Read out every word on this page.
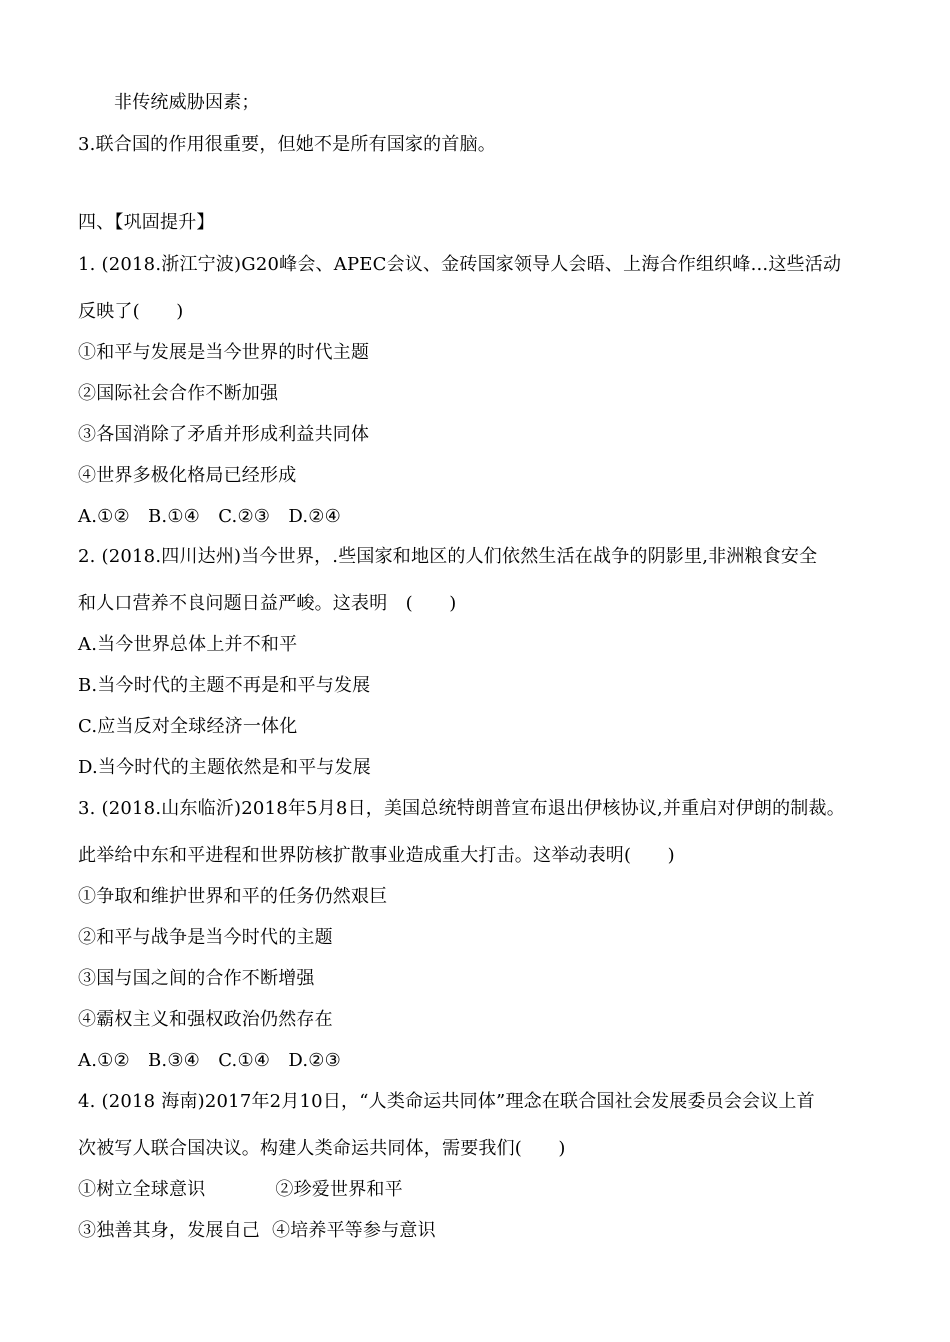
非传统威胁因素；
3.联合国的作用很重要，但她不是所有国家的首脑。
四、【巩固提升】
1. (2018.浙江宁波)G20峰会、APEC会议、金砖国家领导人会晤、上海合作组织峰...这些活动
反映了(　　)
①和平与发展是当今世界的时代主题
②国际社会合作不断加强
③各国消除了矛盾并形成利益共同体
④世界多极化格局已经形成
A.①②　B.①④　C.②③　D.②④
2. (2018.四川达州)当今世界，.些国家和地区的人们依然生活在战争的阴影里,非洲粮食安全
和人口营养不良问题日益严峻。这表明　(　　)
A.当今世界总体上并不和平
B.当今时代的主题不再是和平与发展
C.应当反对全球经济一体化
D.当今时代的主题依然是和平与发展
3. (2018.山东临沂)2018年5月8日，美国总统特朗普宣布退出伊核协议,并重启对伊朗的制裁。
此举给中东和平进程和世界防核扩散事业造成重大打击。这举动表明(　　)
①争取和维护世界和平的任务仍然艰巨
②和平与战争是当今时代的主题
③国与国之间的合作不断增强
④霸权主义和强权政治仍然存在
A.①②　B.③④　C.①④　D.②③
4. (2018 海南)2017年2月10日，“人类命运共同体”理念在联合国社会发展委员会会议上首
次被写人联合国决议。构建人类命运共同体，需要我们(　　)
①树立全球意识	②珍爱世界和平
③独善其身，发展自己 ④培养平等参与意识
